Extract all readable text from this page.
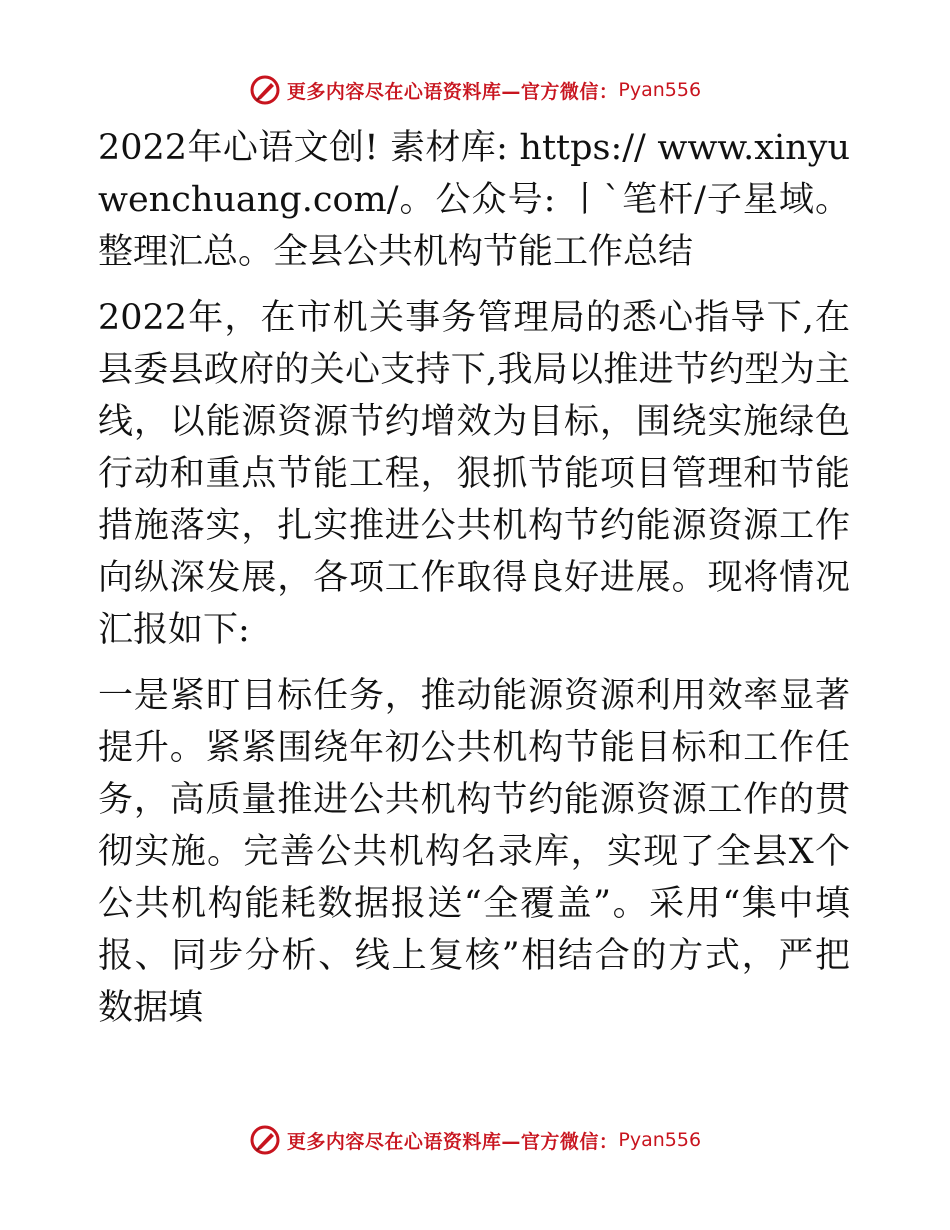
更多内容尽在心语资料库—官方微信： Pyan556

2022年心语文创! 素材库: https:// www.xinyuwenchuang.com/。公众号: 丨`笔杆/子星域。整理汇总。全县公共机构节能工作总结

2022年，在市机关事务管理局的悉心指导下,在县委县政府的关心支持下,我局以推进节约型为主线，以能源资源节约增效为目标，围绕实施绿色行动和重点节能工程，狠抓节能项目管理和节能措施落实，扎实推进公共机构节约能源资源工作向纵深发展，各项工作取得良好进展。现将情况汇报如下:

一是紧盯目标任务，推动能源资源利用效率显著提升。紧紧围绕年初公共机构节能目标和工作任务，高质量推进公共机构节约能源资源工作的贯彻实施。完善公共机构名录库，实现了全县X个公共机构能耗数据报送“全覆盖”。采用“集中填报、同步分析、线上复核”相结合的方式，严把数据填

更多内容尽在心语资料库—官方微信： Pyan556
